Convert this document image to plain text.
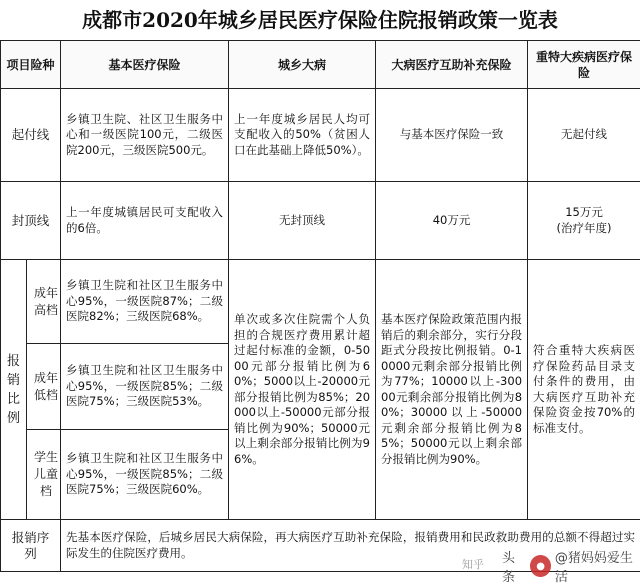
成都市2020年城乡居民医疗保险住院报销政策一览表
项目险种		基本医疗保险	城乡大病	大病医疗互助补充保险	重特大疾病医疗保险
起付线		乡镇卫生院、社区卫生服务中心和一级医院100元，二级医院200元，三级医院500元。	上一年度城乡居民人均可支配收入的50%（贫困人口在此基础上降低50%）。	与基本医疗保险一致	无起付线
封顶线		上一年度城镇居民可支配收入的6倍。	无封顶线	40万元	15万元
(治疗年度)

报销比例	成年高档	乡镇卫生院和社区卫生服务中心95%，一级医院87%；二级医院82%；三级医院68%。	单次或多次住院需个人负担的合规医疗费用累计超过起付标准的金额，0-5000元部分报销比例为60%；5000以上-20000元部分报销比例为85%；20000以上-50000元部分报销比例为90%；50000元以上剩余部分报销比例为96%。	基本医疗保险政策范围内报销后的剩余部分，实行分段距式分段按比例报销。0-10000元剩余部分报销比例为77%；10000以上-30000元剩余部分报销比例为80%；30000以上-50000元剩余部分报销比例为85%；50000元以上剩余部分报销比例为90%。	符合重特大疾病医疗保险药品目录支付条件的费用，由大病医疗互助补充保险资金按70%的标准支付。

	成年低档	乡镇卫生院和社区卫生服务中心95%，一级医院85%；二级医院75%；三级医院53%。			

	学生儿童档	乡镇卫生院和社区卫生服务中心95%，一级医院85%；二级医院75%；三级医院60%。			
报销序列		先基本医疗保险，后城乡居民大病保险，再大病医疗互助补充保险，报销费用和民政救助费用的总额不得超过实际发生的住院医疗费用。			
知乎 头条
● @猪妈妈爱生活
